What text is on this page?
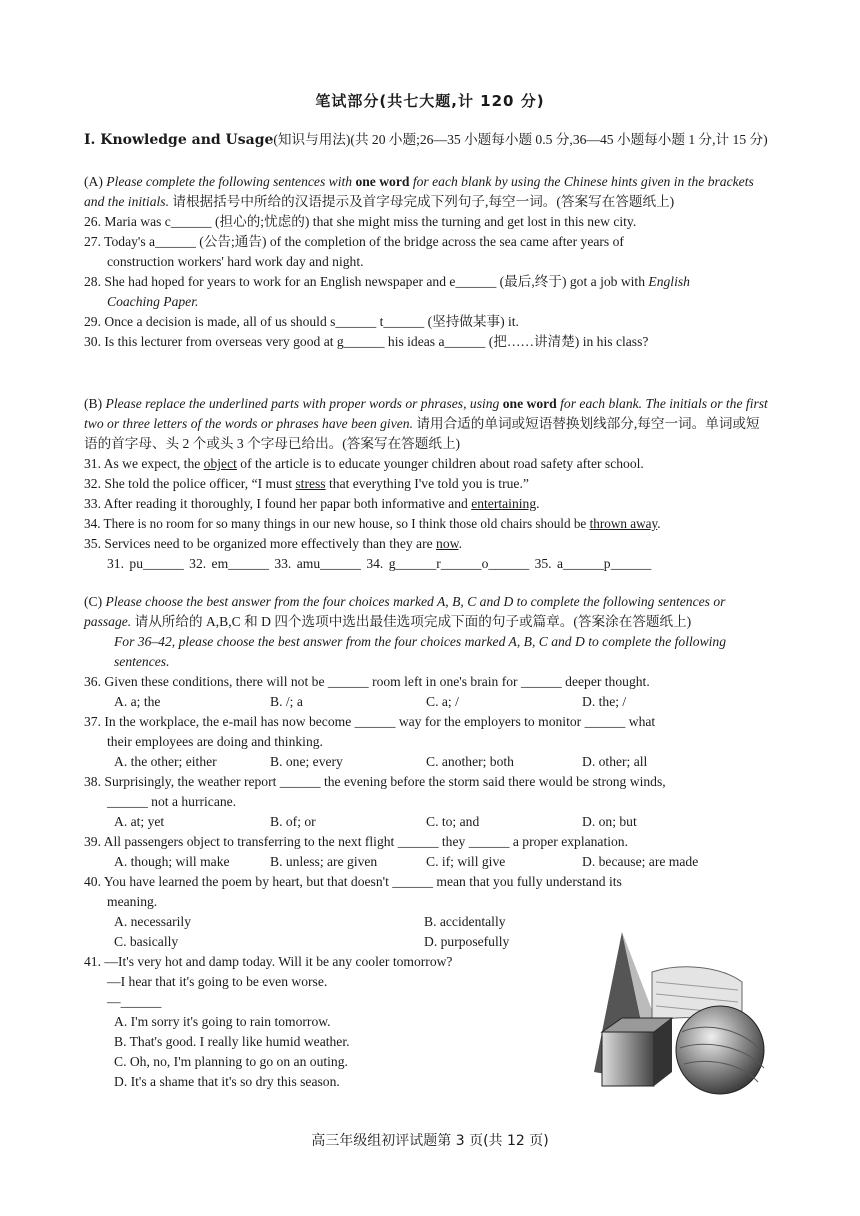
笔试部分(共七大题,计 120 分)
I. Knowledge and Usage(知识与用法)(共 20 小题;26—35 小题每小题 0.5 分,36—45 小题每小题 1 分,计 15 分)
(A) Please complete the following sentences with one word for each blank by using the Chinese hints given in the brackets and the initials. 请根据括号中所给的汉语提示及首字母完成下列句子,每空一词。(答案写在答题纸上)
26. Maria was c______ (担心的;忧虑的) that she might miss the turning and get lost in this new city.
27. Today's a______ (公告;通告) of the completion of the bridge across the sea came after years of
construction workers' hard work day and night.
28. She had hoped for years to work for an English newspaper and e______ (最后,终于) got a job with English
Coaching Paper.
29. Once a decision is made, all of us should s______ t______ (坚持做某事) it.
30. Is this lecturer from overseas very good at g______ his ideas a______ (把……讲清楚) in his class?
(B) Please replace the underlined parts with proper words or phrases, using one word for each blank. The initials or the first two or three letters of the words or phrases have been given. 请用合适的单词或短语替换划线部分,每空一词。单词或短语的首字母、头 2 个或头 3 个字母已给出。(答案写在答题纸上)
31. As we expect, the object of the article is to educate younger children about road safety after school.
32. She told the police officer, “I must stress that everything I've told you is true.”
33. After reading it thoroughly, I found her papar both informative and entertaining.
34. There is no room for so many things in our new house, so I think those old chairs should be thrown away.
35. Services need to be organized more effectively than they are now.
31. pu______ 32. em______ 33. amu______ 34. g______r______o______ 35. a______p______
(C) Please choose the best answer from the four choices marked A, B, C and D to complete the following sentences or passage. 请从所给的 A,B,C 和 D 四个选项中选出最佳选项完成下面的句子或篇章。(答案涂在答题纸上)
For 36–42, please choose the best answer from the four choices marked A, B, C and D to complete the following sentences.
36. Given these conditions, there will not be ______ room left in one's brain for ______ deeper thought.
A. a; the	B. /; a	C. a; /	D. the; /
37. In the workplace, the e-mail has now become ______ way for the employers to monitor ______ what
their employees are doing and thinking.
A. the other; either	B. one; every	C. another; both	D. other; all
38. Surprisingly, the weather report ______ the evening before the storm said there would be strong winds,
______ not a hurricane.
A. at; yet	B. of; or	C. to; and	D. on; but
39. All passengers object to transferring to the next flight ______ they ______ a proper explanation.
A. though; will make	B. unless; are given	C. if; will give	D. because; are made
40. You have learned the poem by heart, but that doesn't ______ mean that you fully understand its
meaning.
A. necessarily	B. accidentally
C. basically	D. purposefully
41. —It's very hot and damp today. Will it be any cooler tomorrow?
—I hear that it's going to be even worse.
—______
A. I'm sorry it's going to rain tomorrow.
B. That's good. I really like humid weather.
C. Oh, no, I'm planning to go on an outing.
D. It's a shame that it's so dry this season.
高三年级组初评试题第 3 页(共 12 页)
